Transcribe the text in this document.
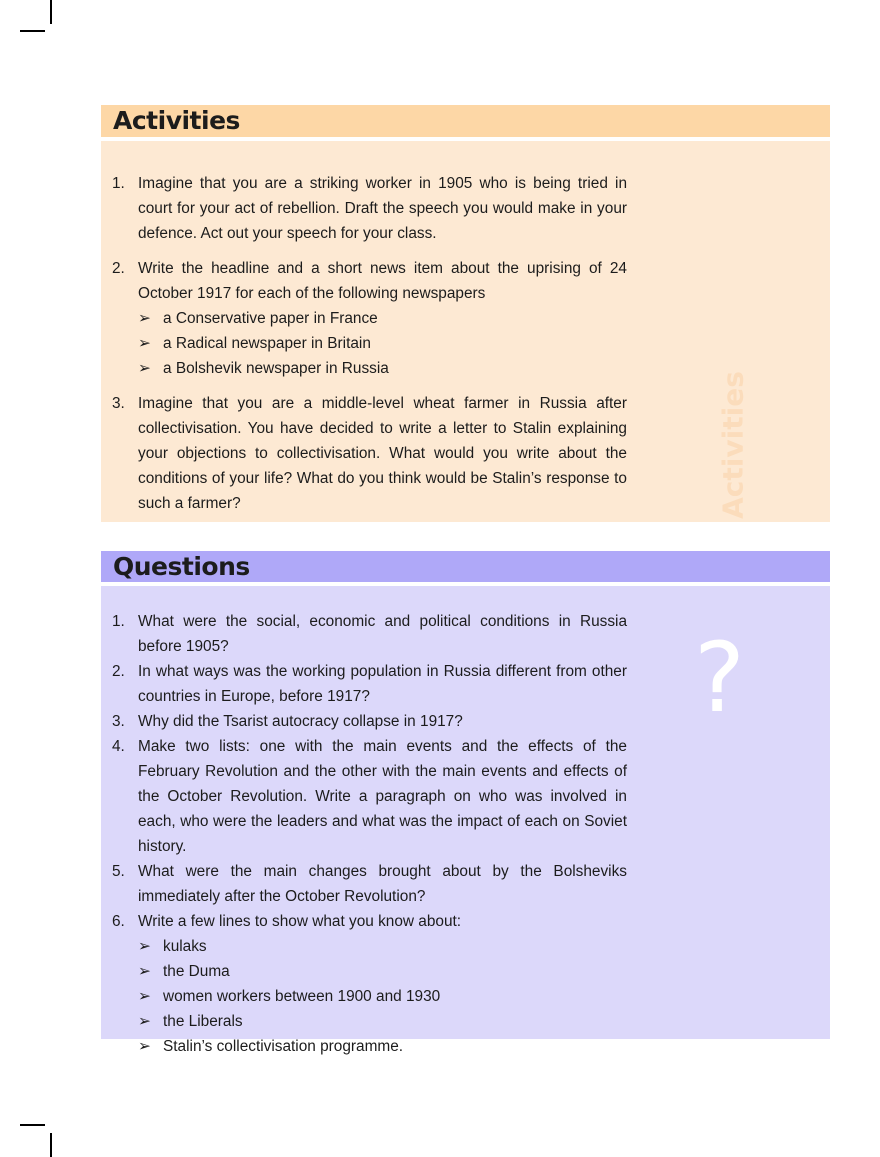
Activities
1. Imagine that you are a striking worker in 1905 who is being tried in court for your act of rebellion. Draft the speech you would make in your defence. Act out your speech for your class.
2. Write the headline and a short news item about the uprising of 24 October 1917 for each of the following newspapers
➢ a Conservative paper in France
➢ a Radical newspaper in Britain
➢ a Bolshevik newspaper in Russia
3. Imagine that you are a middle-level wheat farmer in Russia after collectivisation. You have decided to write a letter to Stalin explaining your objections to collectivisation. What would you write about the conditions of your life? What do you think would be Stalin’s response to such a farmer?	Activities
Questions
1. What were the social, economic and political conditions in Russia before 1905?
2. In what ways was the working population in Russia different from other countries in Europe, before 1917?
3. Why did the Tsarist autocracy collapse in 1917?
4. Make two lists: one with the main events and the effects of the February Revolution and the other with the main events and effects of the October Revolution. Write a paragraph on who was involved in each, who were the leaders and what was the impact of each on Soviet history.
5. What were the main changes brought about by the Bolsheviks immediately after the October Revolution?
6. Write a few lines to show what you know about:
➢ kulaks
➢ the Duma
➢ women workers between 1900 and 1930
➢ the Liberals
➢ Stalin’s collectivisation programme.
?
